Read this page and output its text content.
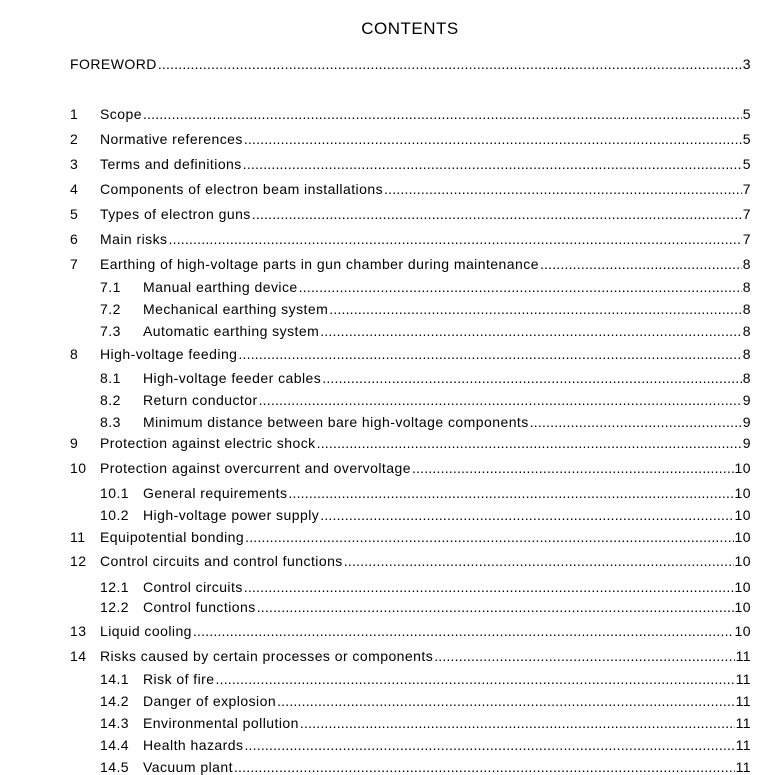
CONTENTS
FOREWORD .....	3
1	Scope .....	5
2	Normative references .....	5
3	Terms and definitions .....	5
4	Components of electron beam installations .....	7
5	Types of electron guns .....	7
6	Main risks .....	7
7	Earthing of high-voltage parts in gun chamber during maintenance .....	8
7.1	Manual earthing device .....	8
7.2	Mechanical earthing system .....	8
7.3	Automatic earthing system .....	8
8	High-voltage feeding .....	8
8.1	High-voltage feeder cables .....	8
8.2	Return conductor .....	9
8.3	Minimum distance between bare high-voltage components .....	9
9	Protection against electric shock .....	9
10 Protection against overcurrent and overvoltage .....	10
10.1 General requirements .....	10
10.2 High-voltage power supply .....	10
11	Equipotential bonding .....	10
12 Control circuits and control functions .....	10
12.1 Control circuits .....	10
12.2 Control functions .....	10
13 Liquid cooling .....	10
14 Risks caused by certain processes or components .....	11
14.1 Risk of fire .....	11
14.2 Danger of explosion .....	11
14.3 Environmental pollution .....	11
14.4 Health hazards .....	11
14.5 Vacuum plant .....	11
